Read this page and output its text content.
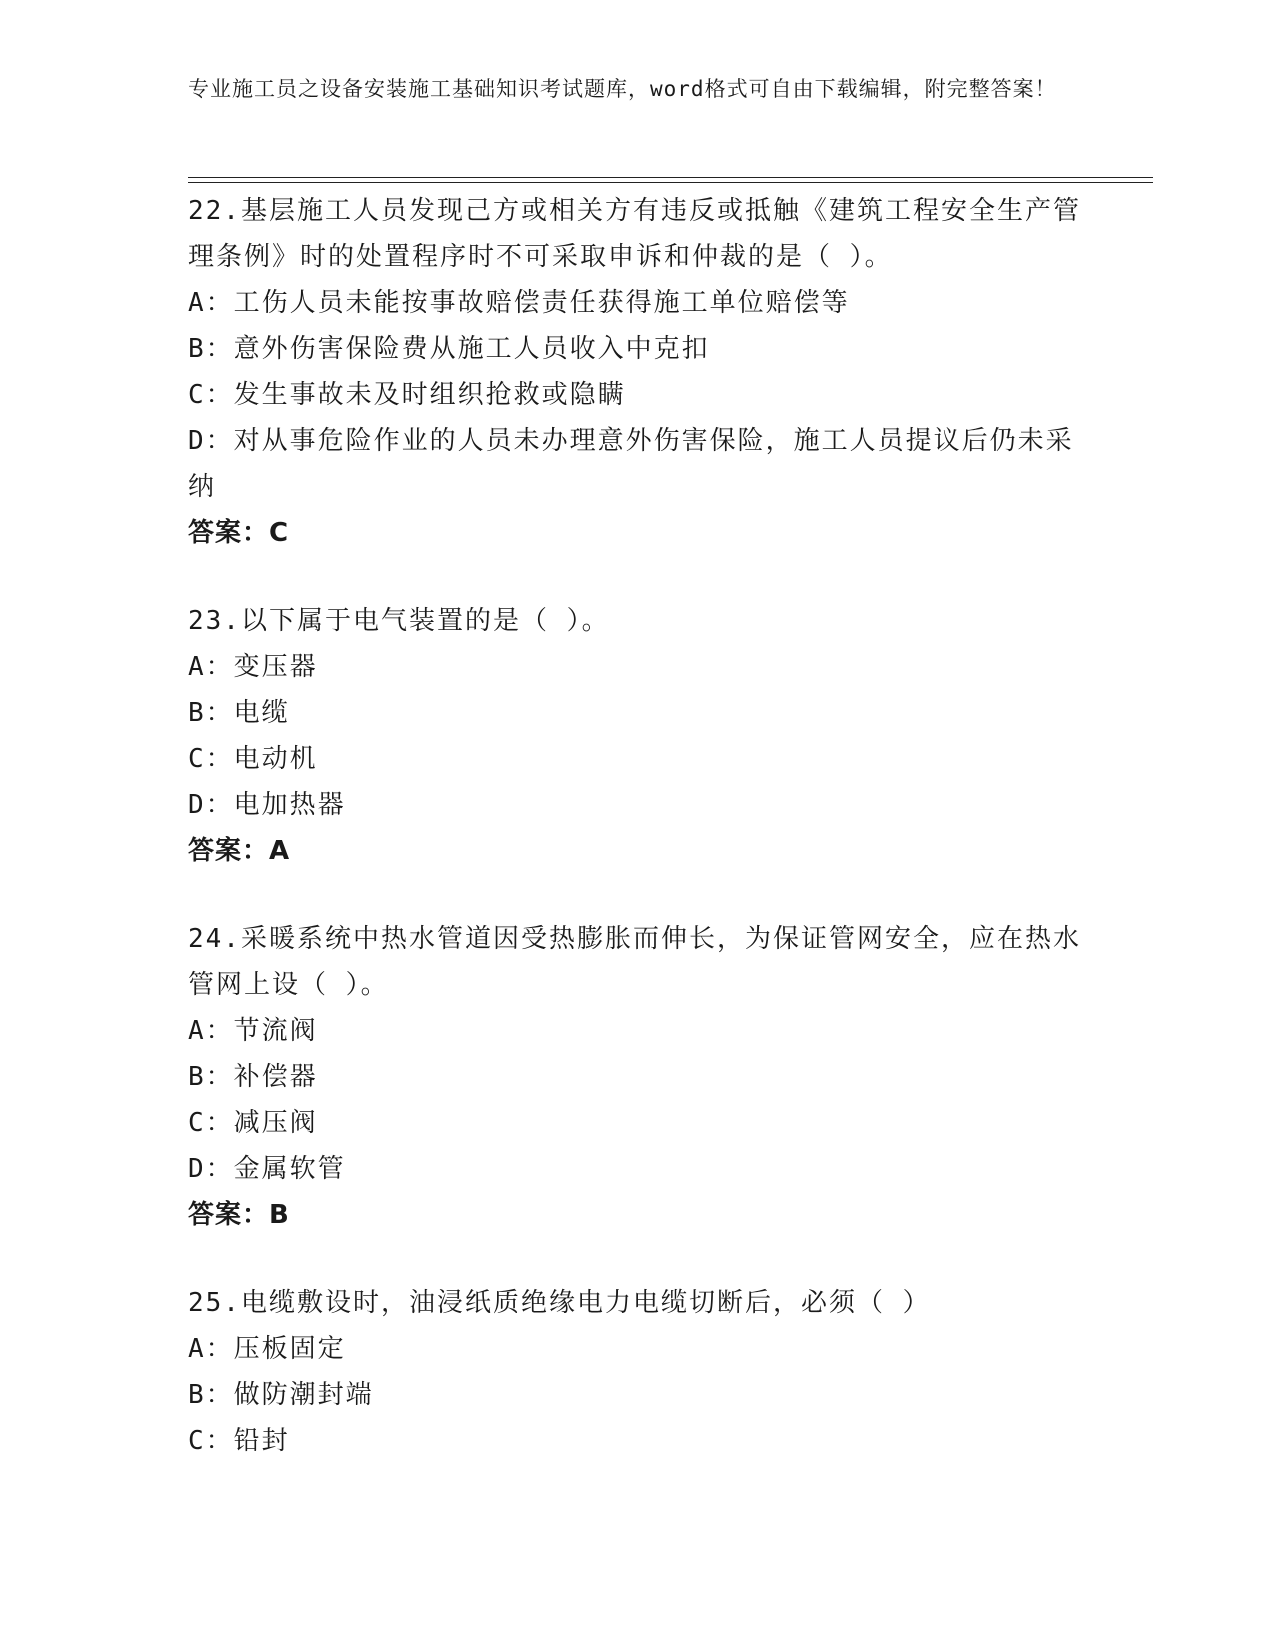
专业施工员之设备安装施工基础知识考试题库，word格式可自由下载编辑，附完整答案！

22.基层施工人员发现己方或相关方有违反或抵触《建筑工程安全生产管理条例》时的处置程序时不可采取申诉和仲裁的是（ ）。

A：工伤人员未能按事故赔偿责任获得施工单位赔偿等

B：意外伤害保险费从施工人员收入中克扣

C：发生事故未及时组织抢救或隐瞒

D：对从事危险作业的人员未办理意外伤害保险，施工人员提议后仍未采纳

答案：C

23.以下属于电气装置的是（ ）。

A：变压器

B：电缆

C：电动机

D：电加热器

答案：A

24.采暖系统中热水管道因受热膨胀而伸长，为保证管网安全，应在热水管网上设（ ）。

A：节流阀

B：补偿器

C：减压阀

D：金属软管

答案：B

25.电缆敷设时，油浸纸质绝缘电力电缆切断后，必须（ ）

A：压板固定

B：做防潮封端

C：铅封
